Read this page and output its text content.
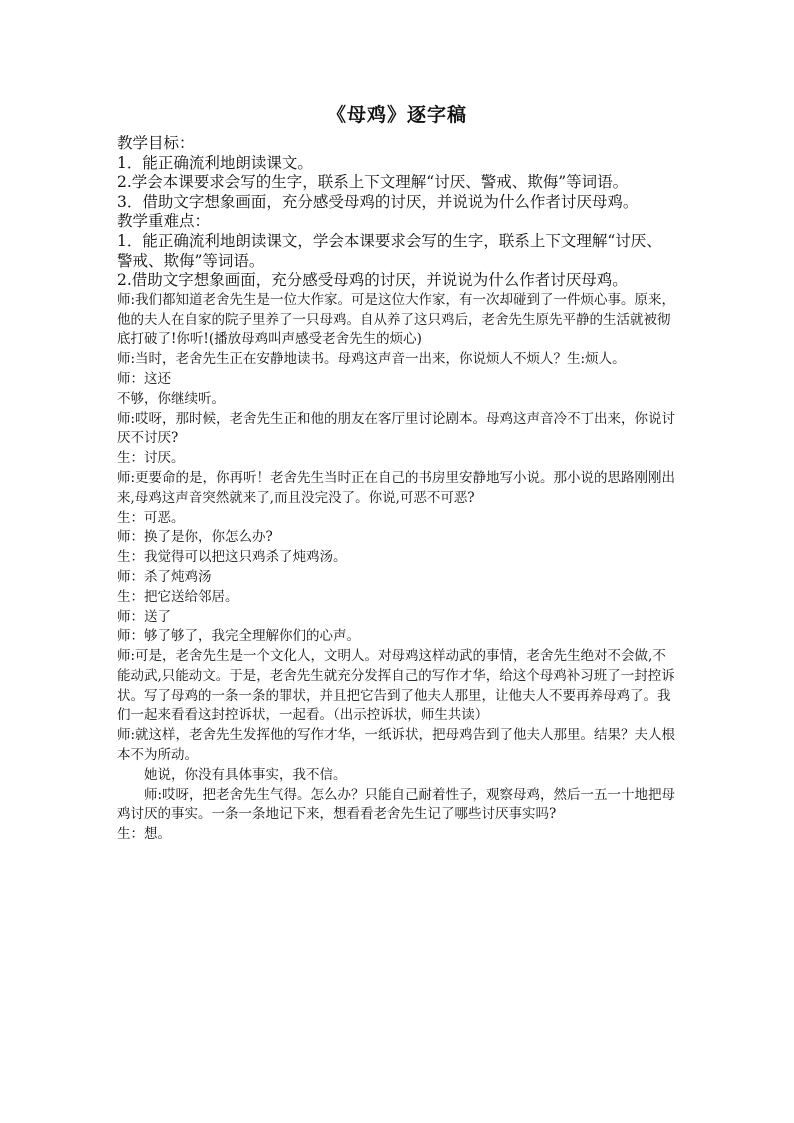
《母鸡》逐字稿

教学目标：

1．能正确流利地朗读课文。

2.学会本课要求会写的生字，联系上下文理解“讨厌、警戒、欺侮”等词语。

3．借助文字想象画面，充分感受母鸡的讨厌，并说说为什么作者讨厌母鸡。

教学重难点：

1．能正确流利地朗读课文，学会本课要求会写的生字，联系上下文理解“讨厌、警戒、欺侮”等词语。

2.借助文字想象画面，充分感受母鸡的讨厌，并说说为什么作者讨厌母鸡。

师:我们都知道老舍先生是一位大作家。可是这位大作家，有一次却碰到了一件烦心事。原来，他的夫人在自家的院子里养了一只母鸡。自从养了这只鸡后，老舍先生原先平静的生活就被彻底打破了!你听!(播放母鸡叫声感受老舍先生的烦心)

师:当时，老舍先生正在安静地读书。母鸡这声音一出来，你说烦人不烦人？生:烦人。

师：这还

不够，你继续听。

师:哎呀，那时候，老舍先生正和他的朋友在客厅里讨论剧本。母鸡这声音冷不丁出来，你说讨厌不讨厌?

生：讨厌。

师:更要命的是，你再听！老舍先生当时正在自己的书房里安静地写小说。那小说的思路刚刚出来,母鸡这声音突然就来了,而且没完没了。你说,可恶不可恶?

生：可恶。

师：换了是你，你怎么办?

生：我觉得可以把这只鸡杀了炖鸡汤。

师：杀了炖鸡汤

生：把它送给邻居。

师：送了

师：够了够了，我完全理解你们的心声。

师:可是，老舍先生是一个文化人，文明人。对母鸡这样动武的事情，老舍先生绝对不会做,不能动武,只能动文。于是，老舍先生就充分发挥自己的写作才华，给这个母鸡补习班了一封控诉状。写了母鸡的一条一条的罪状，并且把它告到了他夫人那里，让他夫人不要再养母鸡了。我们一起来看看这封控诉状，一起看。（出示控诉状，师生共读）

师:就这样，老舍先生发挥他的写作才华，一纸诉状，把母鸡告到了他夫人那里。结果？夫人根本不为所动。

她说，你没有具体事实，我不信。

师:哎呀，把老舍先生气得。怎么办？只能自己耐着性子，观察母鸡，然后一五一十地把母鸡讨厌的事实。一条一条地记下来，想看看老舍先生记了哪些讨厌事实吗?

生：想。
